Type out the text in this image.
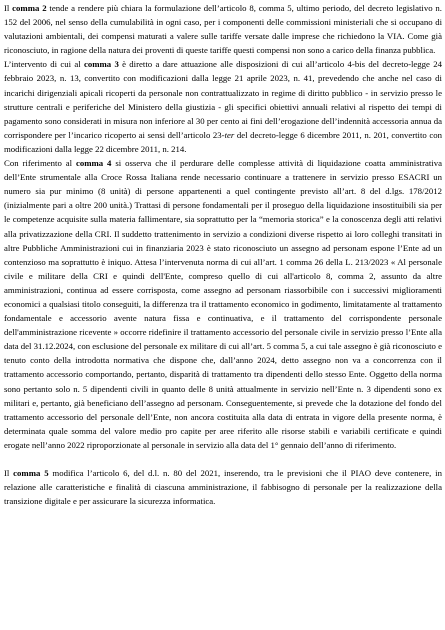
Il comma 2 tende a rendere più chiara la formulazione dell’articolo 8, comma 5, ultimo periodo, del decreto legislativo n. 152 del 2006, nel senso della cumulabilità in ogni caso, per i componenti delle commissioni ministeriali che si occupano di valutazioni ambientali, dei compensi maturati a valere sulle tariffe versate dalle imprese che richiedono la VIA. Come già riconosciuto, in ragione della natura dei proventi di queste tariffe questi compensi non sono a carico della finanza pubblica.

L’intervento di cui al comma 3 è diretto a dare attuazione alle disposizioni di cui all’articolo 4-bis del decreto-legge 24 febbraio 2023, n. 13, convertito con modificazioni dalla legge 21 aprile 2023, n. 41, prevedendo che anche nel caso di incarichi dirigenziali apicali ricoperti da personale non contrattualizzato in regime di diritto pubblico - in servizio presso le strutture centrali e periferiche del Ministero della giustizia - gli specifici obiettivi annuali relativi al rispetto dei tempi di pagamento sono considerati in misura non inferiore al 30 per cento ai fini dell’erogazione dell’indennità accessoria annua da corrispondere per l’incarico ricoperto ai sensi dell’articolo 23-ter del decreto-legge 6 dicembre 2011, n. 201, convertito con modificazioni dalla legge 22 dicembre 2011, n. 214.

Con riferimento al comma 4 si osserva che il perdurare delle complesse attività di liquidazione coatta amministrativa dell’Ente strumentale alla Croce Rossa Italiana rende necessario continuare a trattenere in servizio presso ESACRI un numero sia pur minimo (8 unità) di persone appartenenti a quel contingente previsto all’art. 8 del d.lgs. 178/2012 (inizialmente pari a oltre 200 unità.) Trattasi di persone fondamentali per il proseguo della liquidazione insostituibili sia per le competenze acquisite sulla materia fallimentare, sia soprattutto per la “memoria storica” e la conoscenza degli atti relativi alla privatizzazione della CRI. Il suddetto trattenimento in servizio a condizioni diverse rispetto ai loro colleghi transitati in altre Pubbliche Amministrazioni cui in finanziaria 2023 è stato riconosciuto un assegno ad personam espone l’Ente ad un contenzioso ma soprattutto è iniquo. Attesa l’intervenuta norma di cui all’art. 1 comma 26 della L. 213/2023 « Al personale civile e militare della CRI e quindi dell'Ente, compreso quello di cui all'articolo 8, comma 2, assunto da altre amministrazioni, continua ad essere corrisposta, come assegno ad personam riassorbibile con i successivi miglioramenti economici a qualsiasi titolo conseguiti, la differenza tra il trattamento economico in godimento, limitatamente al trattamento fondamentale e accessorio avente natura fissa e continuativa, e il trattamento del corrispondente personale dell'amministrazione ricevente » occorre ridefinire il trattamento accessorio del personale civile in servizio presso l’Ente alla data del 31.12.2024, con esclusione del personale ex militare di cui all’art. 5 comma 5, a cui tale assegno è già riconosciuto e tenuto conto della introdotta normativa che dispone che, dall’anno 2024, detto assegno non va a concorrenza con il trattamento accessorio comportando, pertanto, disparità di trattamento tra dipendenti dello stesso Ente. Oggetto della norma sono pertanto solo n. 5 dipendenti civili in quanto delle 8 unità attualmente in servizio nell’Ente n. 3 dipendenti sono ex militari e, pertanto, già beneficiano dell’assegno ad personam. Conseguentemente, si prevede che la dotazione del fondo del trattamento accessorio del personale dell’Ente, non ancora costituita alla data di entrata in vigore della presente norma, è determinata quale somma del valore medio pro capite per aree riferito alle risorse stabili e variabili certificate e quindi erogate nell’anno 2022 riproporzionate al personale in servizio alla data del 1° gennaio dell’anno di riferimento.

Il comma 5 modifica l’articolo 6, del d.l. n. 80 del 2021, inserendo, tra le previsioni che il PIAO deve contenere, in relazione alle caratteristiche e finalità di ciascuna amministrazione, il fabbisogno di personale per la realizzazione della transizione digitale e per assicurare la sicurezza informatica.
